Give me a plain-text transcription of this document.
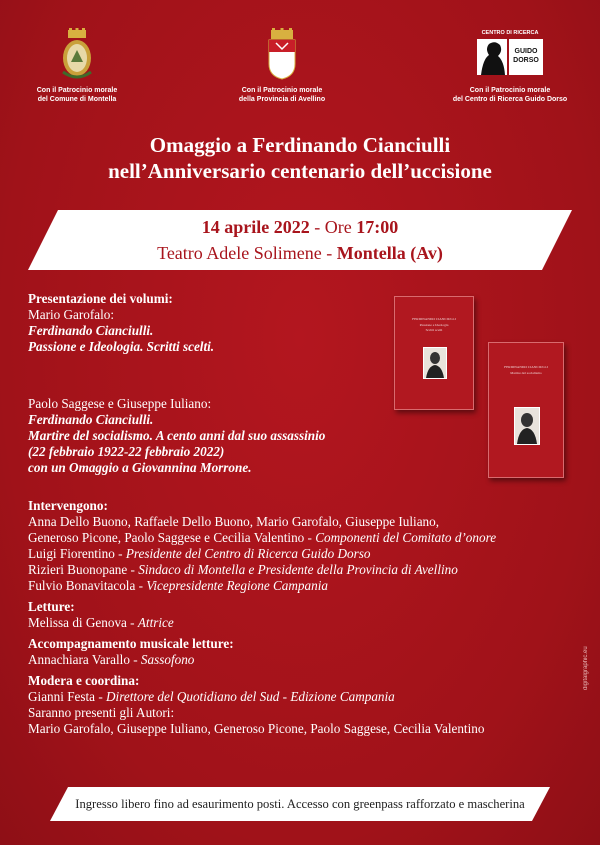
Con il Patrocinio morale
del Comune di Montella
Con il Patrocinio morale
della Provincia di Avellino
CENTRO DI RICERCA
GUIDO
DORSO
Con il Patrocinio morale
del Centro di Ricerca Guido Dorso
Omaggio a Ferdinando Cianciulli
nell’Anniversario centenario dell’uccisione
14 aprile 2022 - Ore 17:00
Teatro Adele Solimene - Montella (Av)
FERDINANDO CIANCIULLI
Passione e Ideologia
Scritti scelti
FERDINANDO CIANCIULLI
Martire del socialismo
Presentazione dei volumi:
Mario Garofalo:
Ferdinando Cianciulli.
Passione e Ideologia. Scritti scelti.
Paolo Saggese e Giuseppe Iuliano:
Ferdinando Cianciulli.
Martire del socialismo. A cento anni dal suo assassinio
(22 febbraio 1922-22 febbraio 2022)
con un Omaggio a Giovannina Morrone.
Intervengono:
Anna Dello Buono, Raffaele Dello Buono, Mario Garofalo, Giuseppe Iuliano,
Generoso Picone, Paolo Saggese e Cecilia Valentino - Componenti del Comitato d’onore
Luigi Fiorentino - Presidente del Centro di Ricerca Guido Dorso
Rizieri Buonopane - Sindaco di Montella e Presidente della Provincia di Avellino
Fulvio Bonavitacola - Vicepresidente Regione Campania
Letture:
Melissa di Genova - Attrice
Accompagnamento musicale letture:
Annachiara Varallo - Sassofono
Modera e coordina:
Gianni Festa - Direttore del Quotidiano del Sud - Edizione Campania
Saranno presenti gli Autori:
Mario Garofalo, Giuseppe Iuliano, Generoso Picone, Paolo Saggese, Cecilia Valentino
digitalgraphic.eu
Ingresso libero fino ad esaurimento posti. Accesso con greenpass rafforzato e mascherina
